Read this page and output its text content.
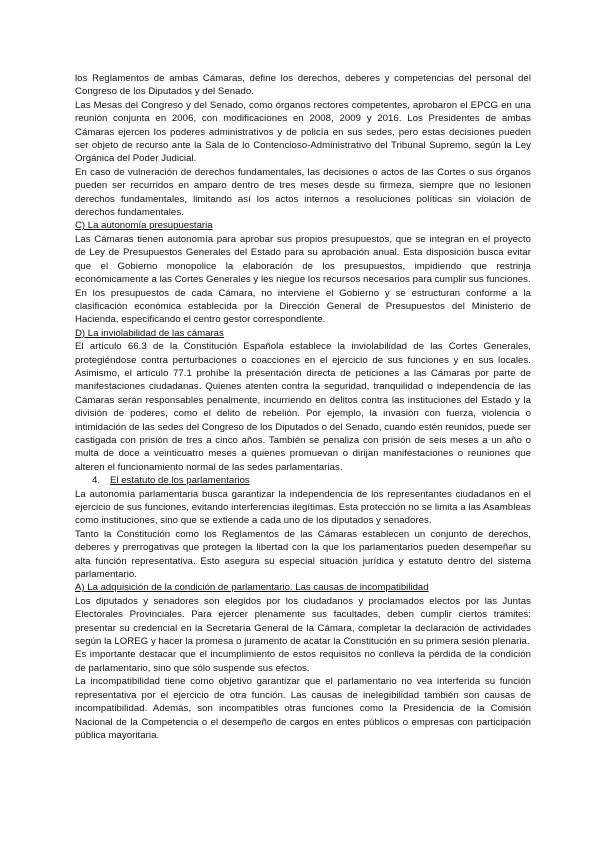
los Reglamentos de ambas Cámaras, define los derechos, deberes y competencias del personal del Congreso de los Diputados y del Senado.

Las Mesas del Congreso y del Senado, como órganos rectores competentes, aprobaron el EPCG en una reunión conjunta en 2006, con modificaciones en 2008, 2009 y 2016. Los Presidentes de ambas Cámaras ejercen los poderes administrativos y de policía en sus sedes, pero estas decisiones pueden ser objeto de recurso ante la Sala de lo Contencioso-Administrativo del Tribunal Supremo, según la Ley Orgánica del Poder Judicial.

En caso de vulneración de derechos fundamentales, las decisiones o actos de las Cortes o sus órganos pueden ser recurridos en amparo dentro de tres meses desde su firmeza, siempre que no lesionen derechos fundamentales, limitando así los actos internos a resoluciones políticas sin violación de derechos fundamentales.

C) La autonomía presupuestaria

Las Cámaras tienen autonomía para aprobar sus propios presupuestos, que se integran en el proyecto de Ley de Presupuestos Generales del Estado para su aprobación anual. Esta disposición busca evitar que el Gobierno monopolice la elaboración de los presupuestos, impidiendo que restrinja económicamente a las Cortes Generales y les niegue los recursos necesarios para cumplir sus funciones.

En los presupuestos de cada Cámara, no interviene el Gobierno y se estructuran conforme a la clasificación económica establecida por la Dirección General de Presupuestos del Ministerio de Hacienda, especificando el centro gestor correspondiente.

D) La inviolabilidad de las cámaras

El artículo 66.3 de la Constitución Española establece la inviolabilidad de las Cortes Generales, protegiéndose contra perturbaciones o coacciones en el ejercicio de sus funciones y en sus locales. Asimismo, el artículo 77.1 prohíbe la presentación directa de peticiones a las Cámaras por parte de manifestaciones ciudadanas. Quienes atenten contra la seguridad, tranquilidad o independencia de las Cámaras serán responsables penalmente, incurriendo en delitos contra las instituciones del Estado y la división de poderes, como el delito de rebelión. Por ejemplo, la invasión con fuerza, violencia o intimidación de las sedes del Congreso de los Diputados o del Senado, cuando estén reunidos, puede ser castigada con prisión de tres a cinco años. También se penaliza con prisión de seis meses a un año o multa de doce a veinticuatro meses a quienes promuevan o dirijan manifestaciones o reuniones que alteren el funcionamiento normal de las sedes parlamentarias.

4. El estatuto de los parlamentarios

La autonomía parlamentaria busca garantizar la independencia de los representantes ciudadanos en el ejercicio de sus funciones, evitando interferencias ilegítimas. Esta protección no se limita a las Asambleas como instituciones, sino que se extiende a cada uno de los diputados y senadores.

Tanto la Constitución como los Reglamentos de las Cámaras establecen un conjunto de derechos, deberes y prerrogativas que protegen la libertad con la que los parlamentarios pueden desempeñar su alta función representativa. Esto asegura su especial situación jurídica y estatuto dentro del sistema parlamentario.

A) La adquisición de la condición de parlamentario. Las causas de incompatibilidad

Los diputados y senadores son elegidos por los ciudadanos y proclamados electos por las Juntas Electorales Provinciales. Para ejercer plenamente sus facultades, deben cumplir ciertos trámites: presentar su credencial en la Secretaría General de la Cámara, completar la declaración de actividades según la LOREG y hacer la promesa o juramento de acatar la Constitución en su primera sesión plenaria.

Es importante destacar que el incumplimiento de estos requisitos no conlleva la pérdida de la condición de parlamentario, sino que sólo suspende sus efectos.

La incompatibilidad tiene como objetivo garantizar que el parlamentario no vea interferida su función representativa por el ejercicio de otra función. Las causas de inelegibilidad también son causas de incompatibilidad. Además, son incompatibles otras funciones como la Presidencia de la Comisión Nacional de la Competencia o el desempeño de cargos en entes públicos o empresas con participación pública mayoritaria.
